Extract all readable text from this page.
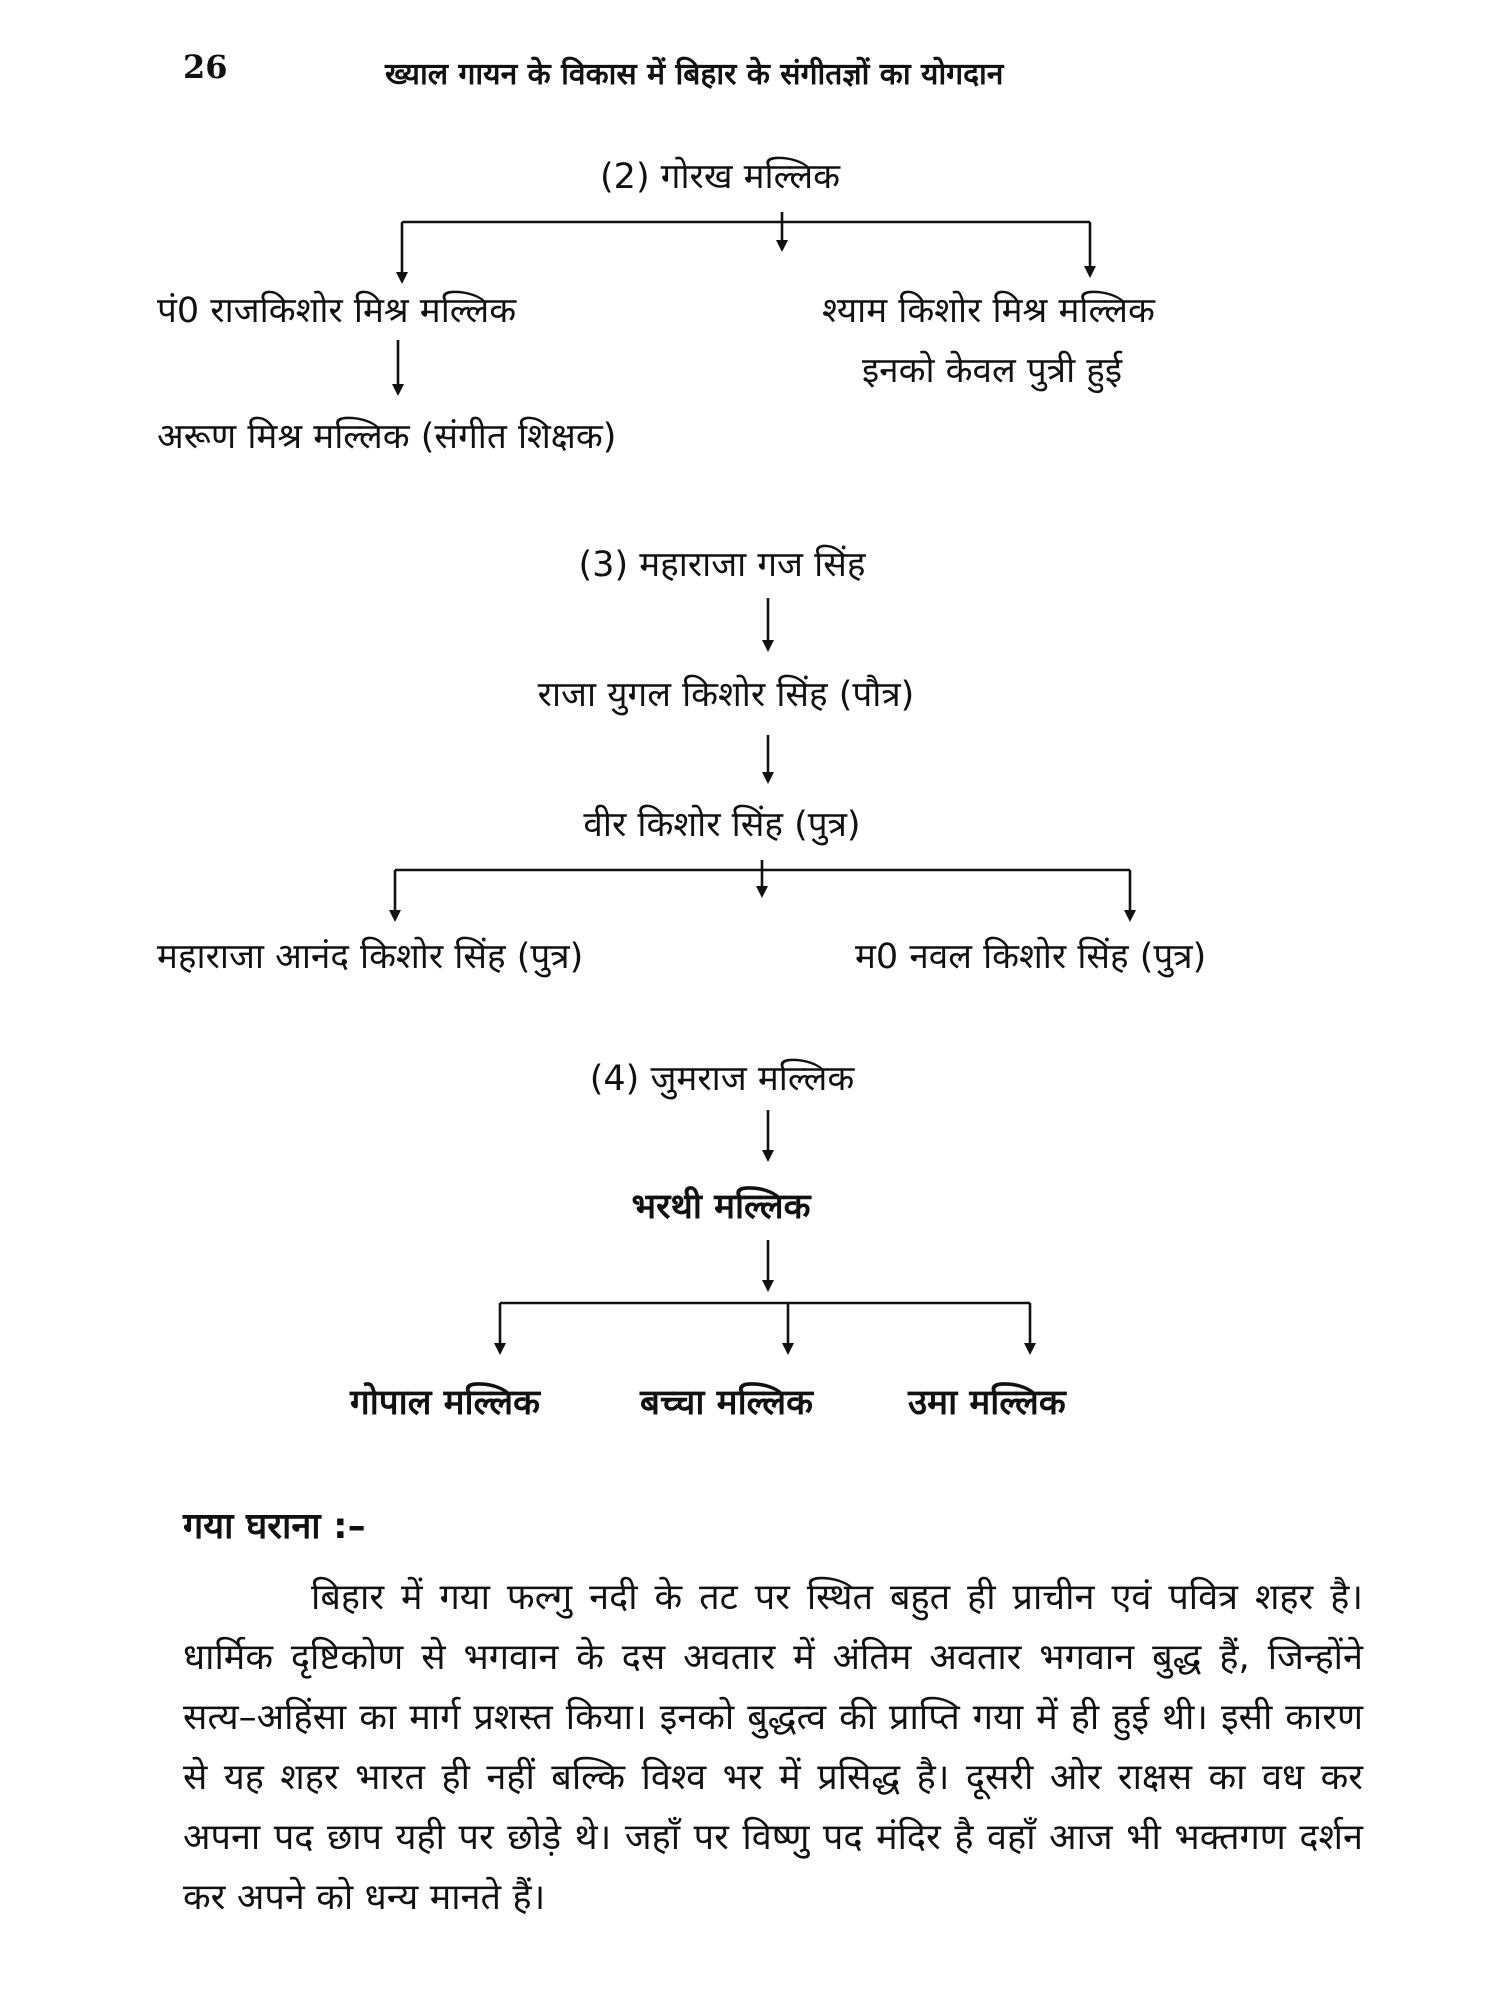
26	ख्याल गायन के विकास में बिहार के संगीतज्ञों का योगदान
(2) गोरख मल्लिक
पं0 राजकिशोर मिश्र मल्लिक	श्याम किशोर मिश्र मल्लिक
इनको केवल पुत्री हुई
अरूण मिश्र मल्लिक (संगीत शिक्षक)
(3) महाराजा गज सिंह
राजा युगल किशोर सिंह (पौत्र)
वीर किशोर सिंह (पुत्र)
महाराजा आनंद किशोर सिंह (पुत्र)	म0 नवल किशोर सिंह (पुत्र)
(4) जुमराज मल्लिक
भरथी मल्लिक
गोपाल मल्लिक	बच्चा मल्लिक	उमा मल्लिक
गया घराना :–
बिहार में गया फल्गु नदी के तट पर स्थित बहुत ही प्राचीन एवं पवित्र शहर है। धार्मिक दृष्टिकोण से भगवान के दस अवतार में अंतिम अवतार भगवान बुद्ध हैं, जिन्होंने सत्य–अहिंसा का मार्ग प्रशस्त किया। इनको बुद्धत्व की प्राप्ति गया में ही हुई थी। इसी कारण से यह शहर भारत ही नहीं बल्कि विश्व भर में प्रसिद्ध है। दूसरी ओर राक्षस का वध कर अपना पद छाप यही पर छोड़े थे। जहाँ पर विष्णु पद मंदिर है वहाँ आज भी भक्तगण दर्शन कर अपने को धन्य मानते हैं।
